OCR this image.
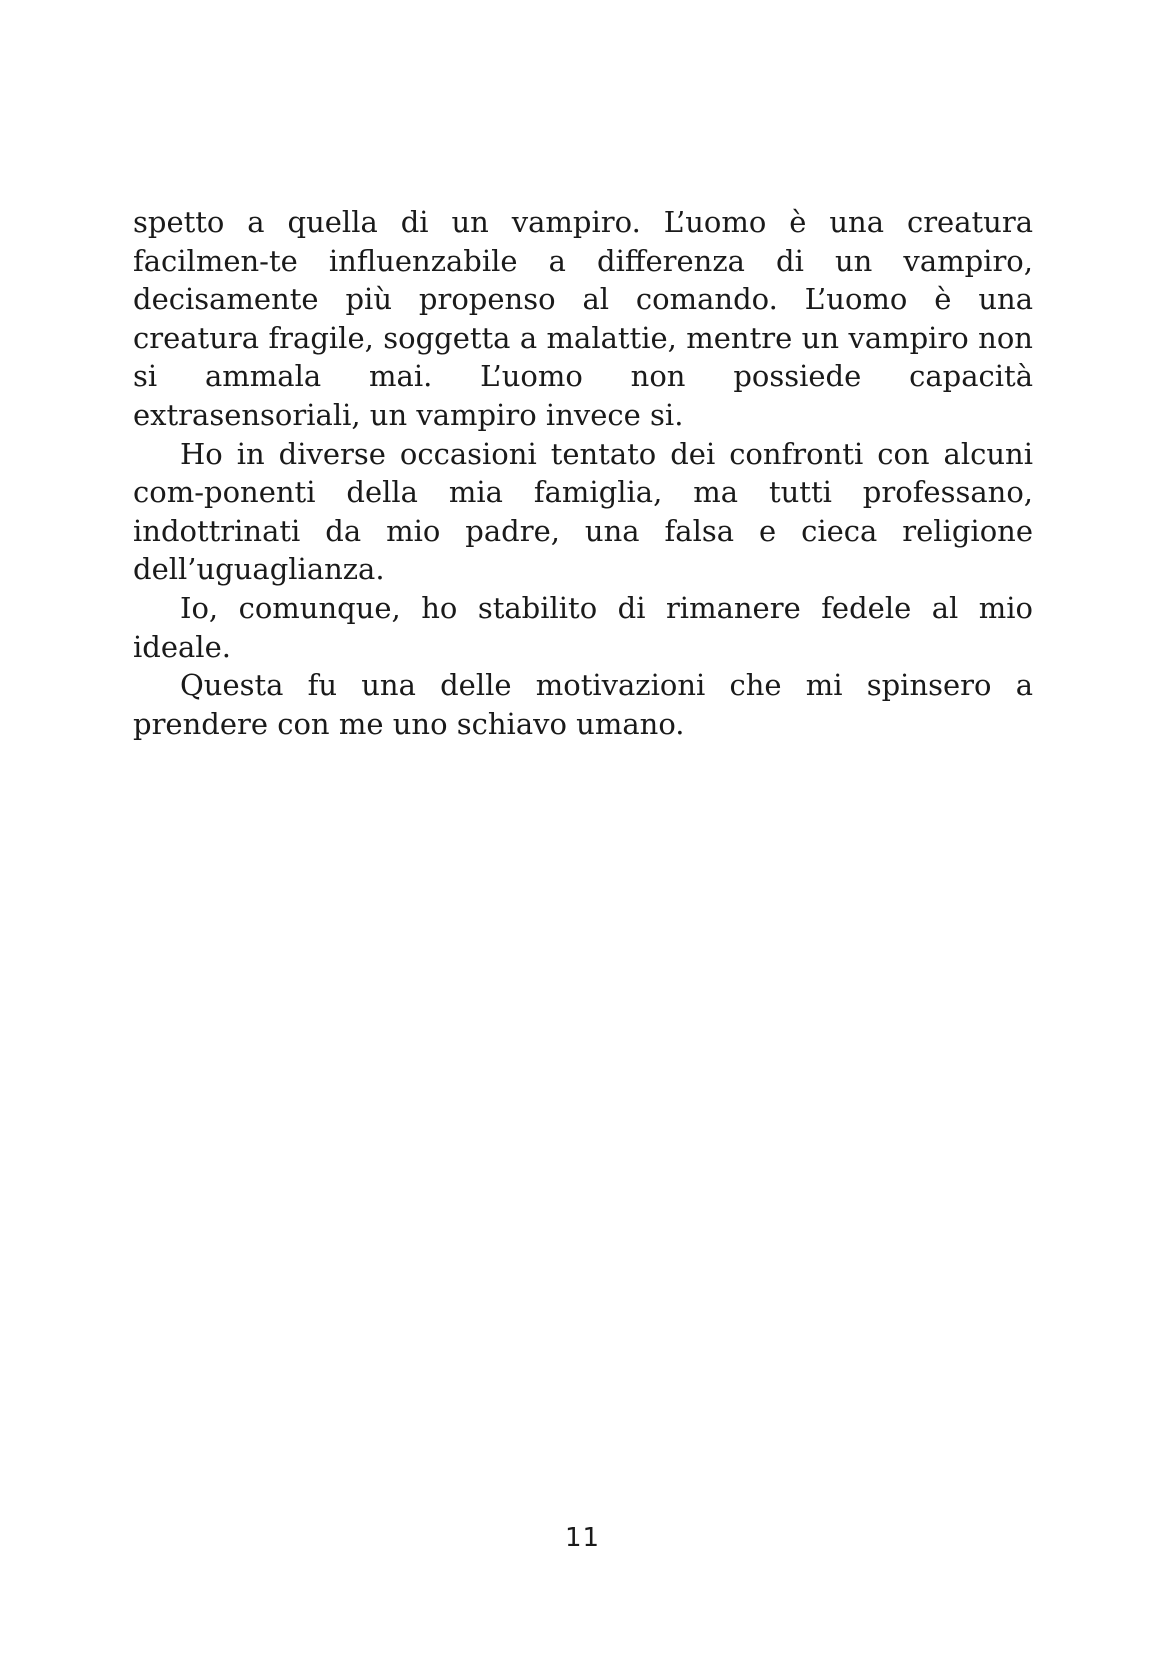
spetto a quella di un vampiro. L’uomo è una creatura facilmen-te influenzabile a differenza di un vampiro, decisamente più propenso al comando. L’uomo è una creatura fragile, soggetta a malattie, mentre un vampiro non si ammala mai. L’uomo non possiede capacità extrasensoriali, un vampiro invece si.

Ho in diverse occasioni tentato dei confronti con alcuni com-ponenti della mia famiglia, ma tutti professano, indottrinati da mio padre, una falsa e cieca religione dell’uguaglianza.

Io, comunque, ho stabilito di rimanere fedele al mio ideale.

Questa fu una delle motivazioni che mi spinsero a prendere con me uno schiavo umano.

11
